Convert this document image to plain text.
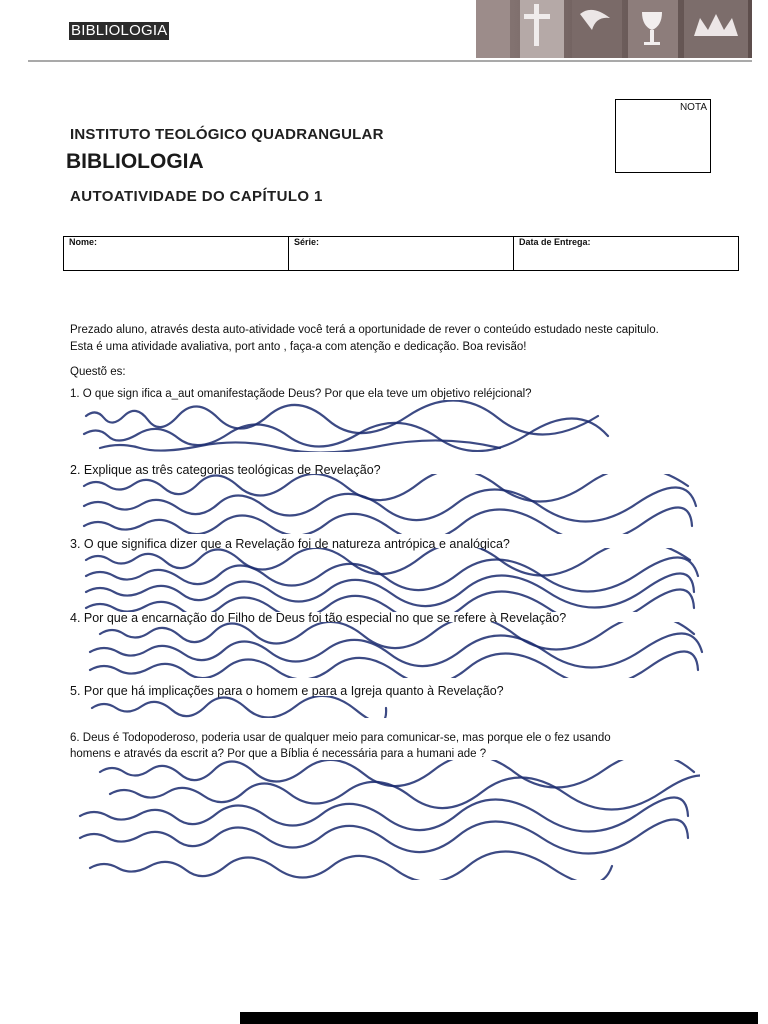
BIBLIOLOGIA
INSTITUTO TEOLÓGICO QUADRANGULAR
BIBLIOLOGIA
AUTOATIVIDADE DO CAPÍTULO 1
NOTA
Nome:	Série:	Data de Entrega:
Prezado aluno, através desta auto-atividade você terá a oportunidade de rever o conteúdo estudado neste capitulo.
Esta é uma atividade avaliativa, port anto , faça-a com atenção e dedicação. Boa revisão!
Questõ es:
1. O que sign ifica a_aut omanifestaçãode Deus? Por que ela teve um objetivo reléjcional?
2. Explique as três categorias teológicas de Revelação?
3. O que significa dizer que a Revelação foi de natureza antrópica e analógica?
4. Por que a encarnação do Filho de Deus foi tão especial no que se refere à Revelação?
5. Por que há implicações para o homem e para a Igreja quanto à Revelação?
6. Deus é Todopoderoso, poderia usar de qualquer meio para comunicar-se, mas porque ele o fez usando
homens e através da escrit a? Por que a Bíblia é necessária para a humani ade ?
